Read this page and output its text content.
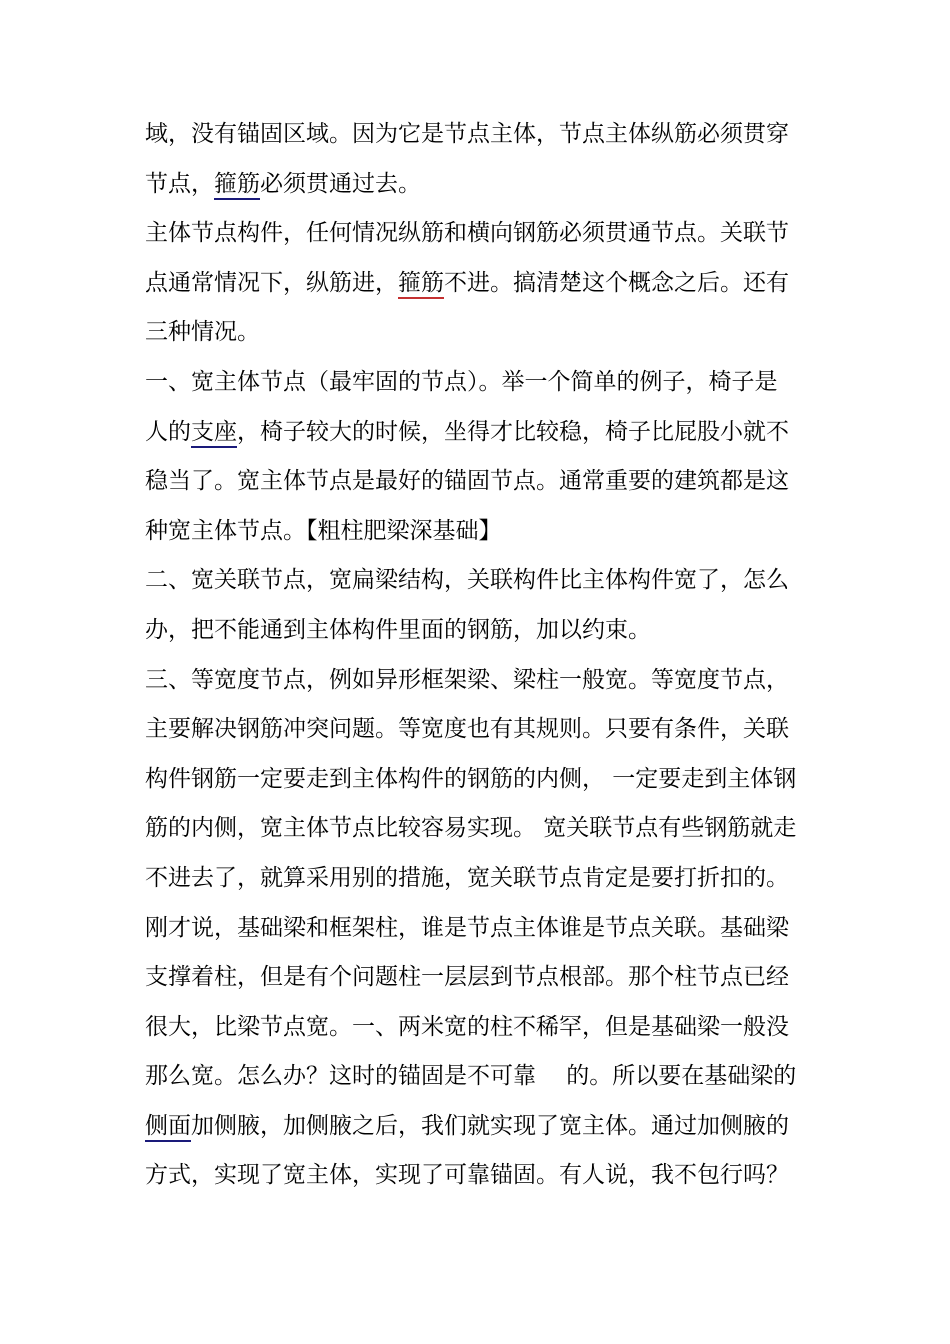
域，没有锚固区域。因为它是节点主体，节点主体纵筋必须贯穿
节点，箍筋必须贯通过去。
主体节点构件，任何情况纵筋和横向钢筋必须贯通节点。关联节
点通常情况下，纵筋进，箍筋不进。搞清楚这个概念之后。还有
三种情况。
一、宽主体节点（最牢固的节点）。举一个简单的例子，椅子是
人的支座，椅子较大的时候，坐得才比较稳，椅子比屁股小就不
稳当了。宽主体节点是最好的锚固节点。通常重要的建筑都是这
种宽主体节点。【粗柱肥梁深基础】
二、宽关联节点，宽扁梁结构，关联构件比主体构件宽了，怎么
办，把不能通到主体构件里面的钢筋，加以约束。
三、等宽度节点，例如异形框架梁、梁柱一般宽。等宽度节点，
主要解决钢筋冲突问题。等宽度也有其规则。只要有条件，关联
构件钢筋一定要走到主体构件的钢筋的内侧， 一定要走到主体钢
筋的内侧，宽主体节点比较容易实现。 宽关联节点有些钢筋就走
不进去了，就算采用别的措施，宽关联节点肯定是要打折扣的。
刚才说，基础梁和框架柱，谁是节点主体谁是节点关联。基础梁
支撑着柱，但是有个问题柱一层层到节点根部。那个柱节点已经
很大，比梁节点宽。一、两米宽的柱不稀罕，但是基础梁一般没
那么宽。怎么办？这时的锚固是不可靠　 的。所以要在基础梁的
侧面加侧腋，加侧腋之后，我们就实现了宽主体。通过加侧腋的
方式，实现了宽主体，实现了可靠锚固。有人说，我不包行吗？
